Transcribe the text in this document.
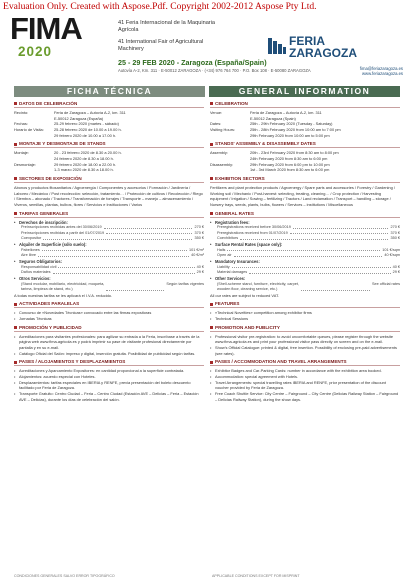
Evaluation Only. Created with Aspose.Pdf. Copyright 2002-2012 Aspose Pty Ltd.
FIMA
2020
41 Feria Internacional de la Maquinaria
Agrícola
41 International Fair of Agricultural
Machinery
FERIA
ZARAGOZA
25 - 29 FEB 2020 - Zaragoza (España/Spain)
Autovía A-2, Km. 311 · E-50012 ZARAGOZA · (+34) 976 764 700 · P.O. Box 108 · E-50080 ZARAGOZA	fima@feriazaragoza.es
www.feriazaragoza.es
FICHA TÉCNICA	GENERAL INFORMATION
DATOS DE CELEBRACIÓN
Recinto:	Feria de Zaragoza – Autovía A-2, km. 311
E-50012 Zaragoza (España)
Fechas:	25-29 febrero 2020 (martes - sábado)
Horario de Visita:	25-28 febrero 2020 de 10.00 a 19.00 h.
29 febrero 2020 de 10.00 a 17.00 h.
MONTAJE Y DESMONTAJE DE STANDS
Montaje:	20 - 23 febrero 2020 de 8.30 a 20.00 h.
24 febrero 2020 de 8.30 a 18.00 h.
Desmontaje:	29 febrero 2020 de 18.00 a 22.00 h.
1-3 marzo 2020 de 8.30 a 18.00 h.
SECTORES DE EXPOSICIÓN
Abonos y productos fitosanitarios / Agroenergía / Componentes y accesorios / Formación / Jardinería / Laboreo / Mecánico / Post recolección: selección, tratamiento… / Protección de cultivos / Recolección / Riego / Siembra – abonado / Tractores / Transformación de forrajes / Transporte – manejo – almacenamiento / Viveros, semillas, plantas, bulbos, flores / Servicios e Instituciones / Varios
TARIFAS GENERALES
• Derechos de inscripción:
Preinscripciones recibidas antes del 30/06/2019	270 €
Preinscripciones recibidas a partir del 01/07/2019	370 €
Coexpositor	350 €
• Alquiler de Superficie (sólo suelo):
Pabellones	101 €/m²
Aire libre	40 €/m²
• Seguros Obligatorios:
Responsabilidad civil	40 €
Daños materiales	29 €
• Otros Servicios:
(Stand modular, mobiliario, electricidad, moqueta,
tarima, limpieza de stand, etc.)
Según tarifas vigentes
A todas nuestras tarifas se les aplicará el I.V.A. reducido.
ACTIVIDADES PARALELAS
• Concurso de «Novedades Técnicas» convocado entre las firmas expositoras
• Jornadas Técnicas
PROMOCIÓN Y PUBLICIDAD
• Acreditaciones para visitantes profesionales: para agilizar su entrada a la Feria, inscríbase a través de la página web www.fima-agricola.es y podrá imprimir su pase de visitante profesional directamente por pantalla y en su e-mail.
• Catálogo Oficial del Salón: impreso y digital, inserción gratuita. Posibilidad de publicidad según tarifas.
PASES / ALOJAMIENTOS Y DESPLAZAMIENTOS
• Acreditaciones y Aparcamiento Expositores: en cantidad proporcional a la superficie contratada.
• Alojamientos: acuerdo especial con Hoteles.
• Desplazamientos: tarifas especiales en IBERIA y RENFE, previa presentación del boleto descuento facilitado por Feria de Zaragoza.
• Transporte Gratuito: Centro Ciudad – Feria – Centro Ciudad (Estación AVE – Delicias – Feria – Estación AVE – Delicias), durante los días de celebración del salón.
CELEBRATION
Venue:	Feria de Zaragoza – Autovía A-2, km. 311
E-50012 Zaragoza (Spain)
Dates:	25th - 29th February 2020 (Tuesday - Saturday)
Visiting Hours:	25th - 28th February 2020 from 10:00 am to 7:00 pm
29th February 2020 from 10:00 am to 5:00 pm
STANDS' ASSEMBLY & DISASSEMBLY DATES
Assembly:	20th - 23rd February 2020 from 8:30 am to 8:00 pm
24th February 2020 from 8:30 am to 6:00 pm
Disassembly:	29th February 2020 from 6:00 pm to 10:00 pm
1st - 3rd March 2020 from 8:30 am to 6:00 pm
EXHIBITION SECTORS
Fertilizers and plant protection products / Agroenergy / Spare parts and accessories / Forestry / Gardening / Working soil / Mechanic / Post-harvest: selecting, treating, cleaning… / Crop protection / Harvesting equipment / Irrigation / Sowing – fertilizing / Tractors / Land reclamation / Transport – handling – storage / Nursery trays, seeds, plants, bulbs, flowers / Services – institutions / Miscellaneous
GENERAL RATES
• Registration fees:
Preregistrations received before 30/06/2019	270 €
Preregistrations received from 01/07/2019	370 €
Coexhibitors	350 €
• Surface Rental Rates (space only):
Halls	101 €/sqm
Open air	40 €/sqm
• Mandatory Insurances:
Liability	40 €
Material damages	29 €
• Other Services:
(Shell-scheme stand, furniture, electricity, carpet,
wooden floor, cleaning service, etc.)
See official rates
All our rates are subject to reduced VAT.
FEATURES
• «Technical Novelties» competition among exhibitor firms
• Technical Sessions
PROMOTION AND PUBLICITY
• Professional visitor pre-registration: to avoid uncomfortable queues, please register through the website www.fima-agricola.es and print your professional visitor pass directly on screen and on the e-mail.
• Show's Official Catalogue: printed & digital, free insertion. Possibility of enclosing pre-paid advertisements (see rates).
PASES / ACCOMMODATION AND TRAVEL ARRANGEMENTS
• Exhibitor Badges and Car-Parking Cards: number in accordance with the exhibition area booked.
• Accommodation: special agreement with Hotels.
• Travel Arrangements: special travelling rates IBERIA and RENFE, prior presentation of the discount voucher provided by Feria de Zaragoza.
• Free Coach Shuttle Service: City Centre – Fairground – City Centre (Delicias Railway Station – Fairground – Delicias Railway Station), during the show days.
CONDICIONES GENERALES SALVO ERROR TIPOGRÁFICO	APPLICABLE CONDITIONS EXCEPT FOR MISPRINT
